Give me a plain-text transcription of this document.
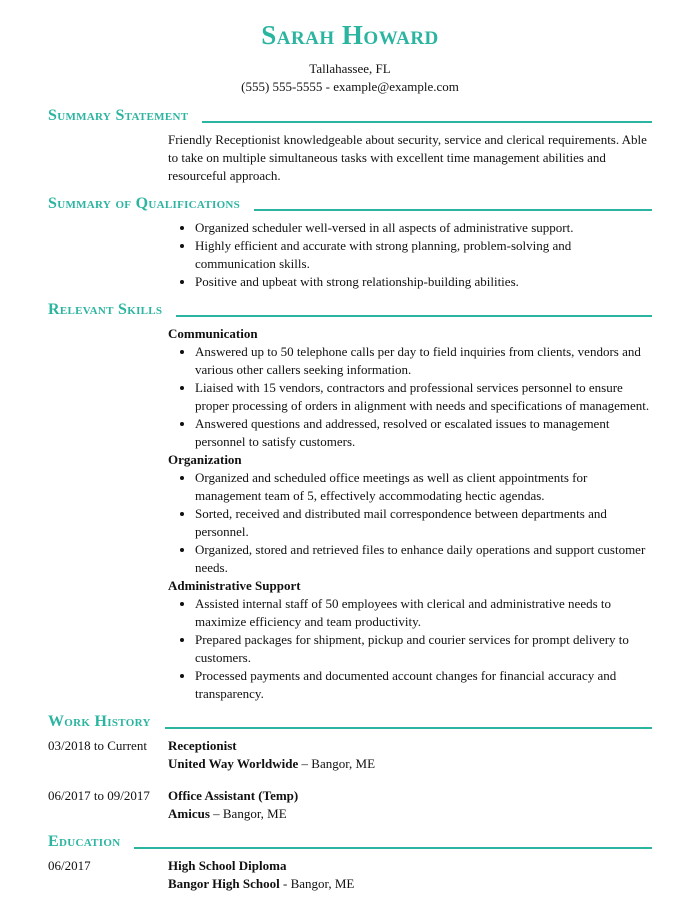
Sarah Howard
Tallahassee, FL
(555) 555-5555 - example@example.com
Summary Statement
Friendly Receptionist knowledgeable about security, service and clerical requirements. Able to take on multiple simultaneous tasks with excellent time management abilities and resourceful approach.
Summary of Qualifications
• Organized scheduler well-versed in all aspects of administrative support.
• Highly efficient and accurate with strong planning, problem-solving and communication skills.
• Positive and upbeat with strong relationship-building abilities.
Relevant Skills
Communication
• Answered up to 50 telephone calls per day to field inquiries from clients, vendors and various other callers seeking information.
• Liaised with 15 vendors, contractors and professional services personnel to ensure proper processing of orders in alignment with needs and specifications of management.
• Answered questions and addressed, resolved or escalated issues to management personnel to satisfy customers.
Organization
• Organized and scheduled office meetings as well as client appointments for management team of 5, effectively accommodating hectic agendas.
• Sorted, received and distributed mail correspondence between departments and personnel.
• Organized, stored and retrieved files to enhance daily operations and support customer needs.
Administrative Support
• Assisted internal staff of 50 employees with clerical and administrative needs to maximize efficiency and team productivity.
• Prepared packages for shipment, pickup and courier services for prompt delivery to customers.
• Processed payments and documented account changes for financial accuracy and transparency.
Work History
03/2018 to Current	Receptionist
United Way Worldwide – Bangor, ME
06/2017 to 09/2017	Office Assistant (Temp)
Amicus – Bangor, ME
Education
06/2017	High School Diploma
Bangor High School - Bangor, ME
